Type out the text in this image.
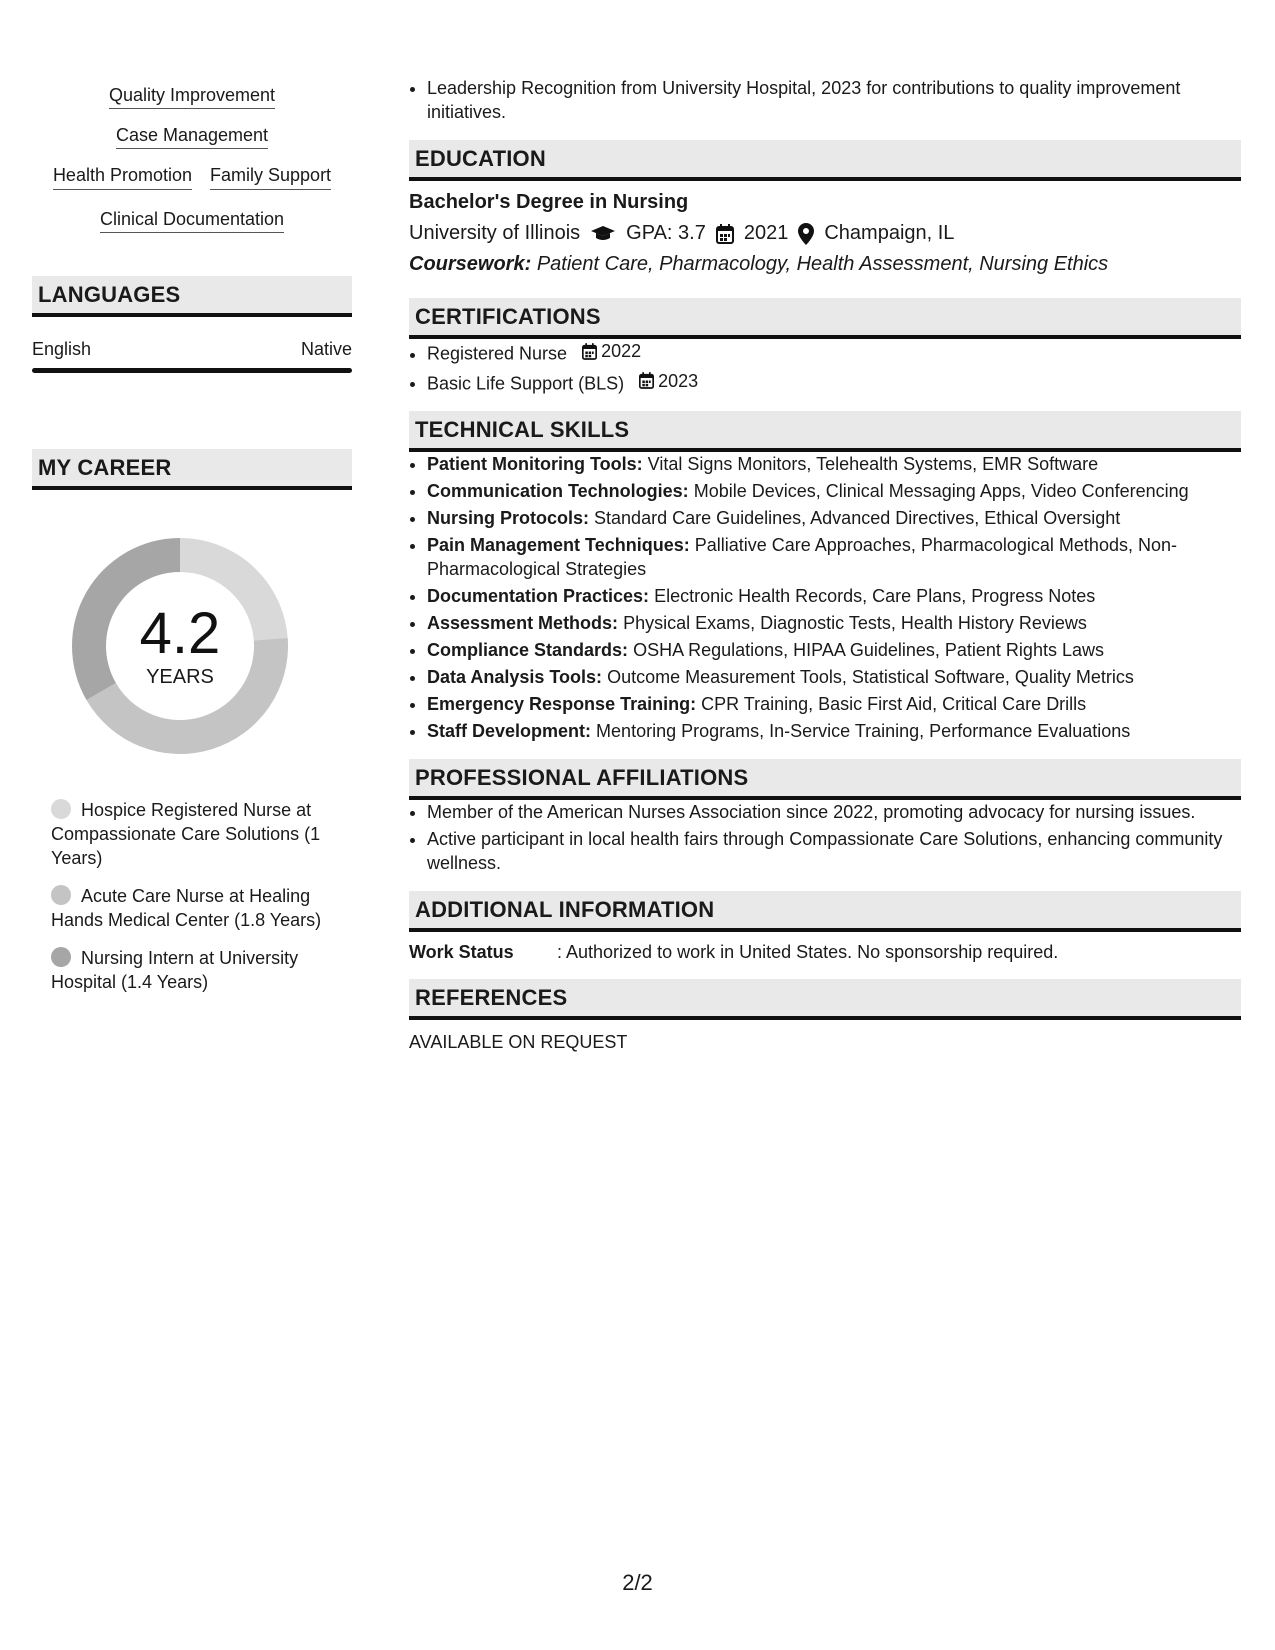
Quality Improvement
Case Management
Health Promotion Family Support
Clinical Documentation
LANGUAGES
English	Native
MY CAREER
4.2
YEARS
Hospice Registered Nurse at Compassionate Care Solutions (1 Years)
Acute Care Nurse at Healing Hands Medical Center (1.8 Years)
Nursing Intern at University Hospital (1.4 Years)
• Leadership Recognition from University Hospital, 2023 for contributions to quality improvement initiatives.
EDUCATION
Bachelor's Degree in Nursing
University of Illinois GPA: 3.7 2021 Champaign, IL
Coursework: Patient Care, Pharmacology, Health Assessment, Nursing Ethics
CERTIFICATIONS
• Registered Nurse 2022
• Basic Life Support (BLS) 2023
TECHNICAL SKILLS
• Patient Monitoring Tools: Vital Signs Monitors, Telehealth Systems, EMR Software
• Communication Technologies: Mobile Devices, Clinical Messaging Apps, Video Conferencing
• Nursing Protocols: Standard Care Guidelines, Advanced Directives, Ethical Oversight
• Pain Management Techniques: Palliative Care Approaches, Pharmacological Methods, Non-Pharmacological Strategies
• Documentation Practices: Electronic Health Records, Care Plans, Progress Notes
• Assessment Methods: Physical Exams, Diagnostic Tests, Health History Reviews
• Compliance Standards: OSHA Regulations, HIPAA Guidelines, Patient Rights Laws
• Data Analysis Tools: Outcome Measurement Tools, Statistical Software, Quality Metrics
• Emergency Response Training: CPR Training, Basic First Aid, Critical Care Drills
• Staff Development: Mentoring Programs, In-Service Training, Performance Evaluations
PROFESSIONAL AFFILIATIONS
• Member of the American Nurses Association since 2022, promoting advocacy for nursing issues.
• Active participant in local health fairs through Compassionate Care Solutions, enhancing community wellness.
ADDITIONAL INFORMATION
Work Status	: Authorized to work in United States. No sponsorship required.
REFERENCES
AVAILABLE ON REQUEST
2/2
